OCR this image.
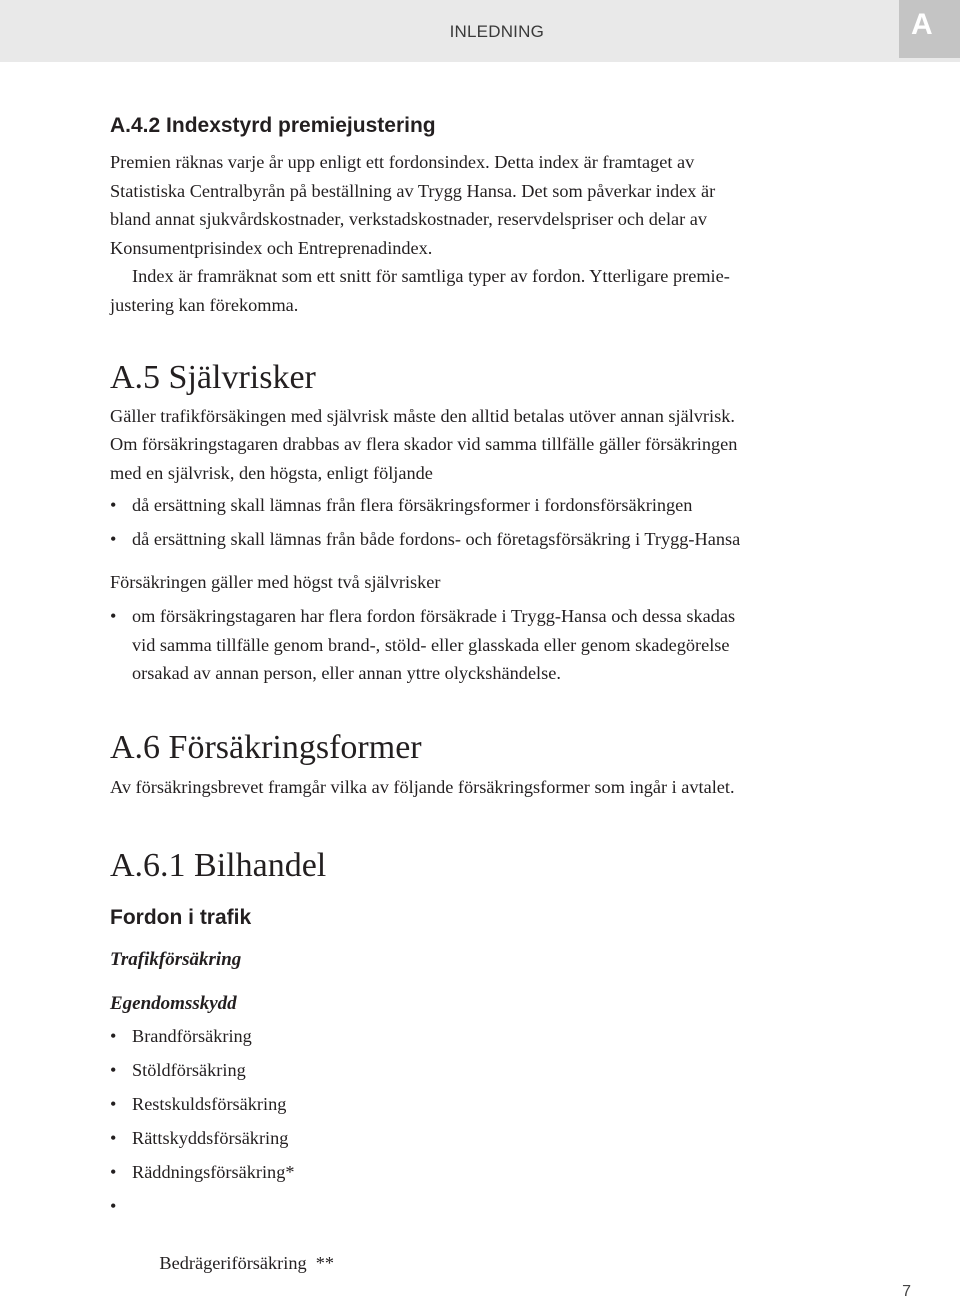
INLEDNING	A
A.4.2 Indexstyrd premiejustering

Premien räknas varje år upp enligt ett fordonsindex. Detta index är framtaget av

Statistiska Centralbyrån på beställning av Trygg Hansa. Det som påverkar index är

bland annat sjukvårdskostnader, verkstadskostnader, reservdelspriser och delar av

Konsumentprisindex och Entreprenadindex.

Index är framräknat som ett snitt för samtliga typer av fordon. Ytterligare premie-

justering kan förekomma.

A.5 Självrisker

Gäller trafikförsäkingen med självrisk måste den alltid betalas utöver annan självrisk.

Om försäkringstagaren drabbas av flera skador vid samma tillfälle gäller försäkringen

med en självrisk, den högsta, enligt följande

• då ersättning skall lämnas från flera försäkringsformer i fordonsförsäkringen
• då ersättning skall lämnas från både fordons- och företagsförsäkring i Trygg-Hansa

Försäkringen gäller med högst två självrisker

• om försäkringstagaren har flera fordon försäkrade i Trygg-Hansa och dessa skadas
vid samma tillfälle genom brand-, stöld- eller glasskada eller genom skadegörelse
orsakad av annan person, eller annan yttre olyckshändelse.
A.6 Försäkringsformer

Av försäkringsbrevet framgår vilka av följande försäkringsformer som ingår i avtalet.

A.6.1 Bilhandel
Fordon i trafik
Trafikförsäkring
Egendomsskydd
• Brandförsäkring
• Stöldförsäkring
• Restskuldsförsäkring
• Rättskyddsförsäkring
• Räddningsförsäkring*

•

Bedrägeriförsäkring  **

7
